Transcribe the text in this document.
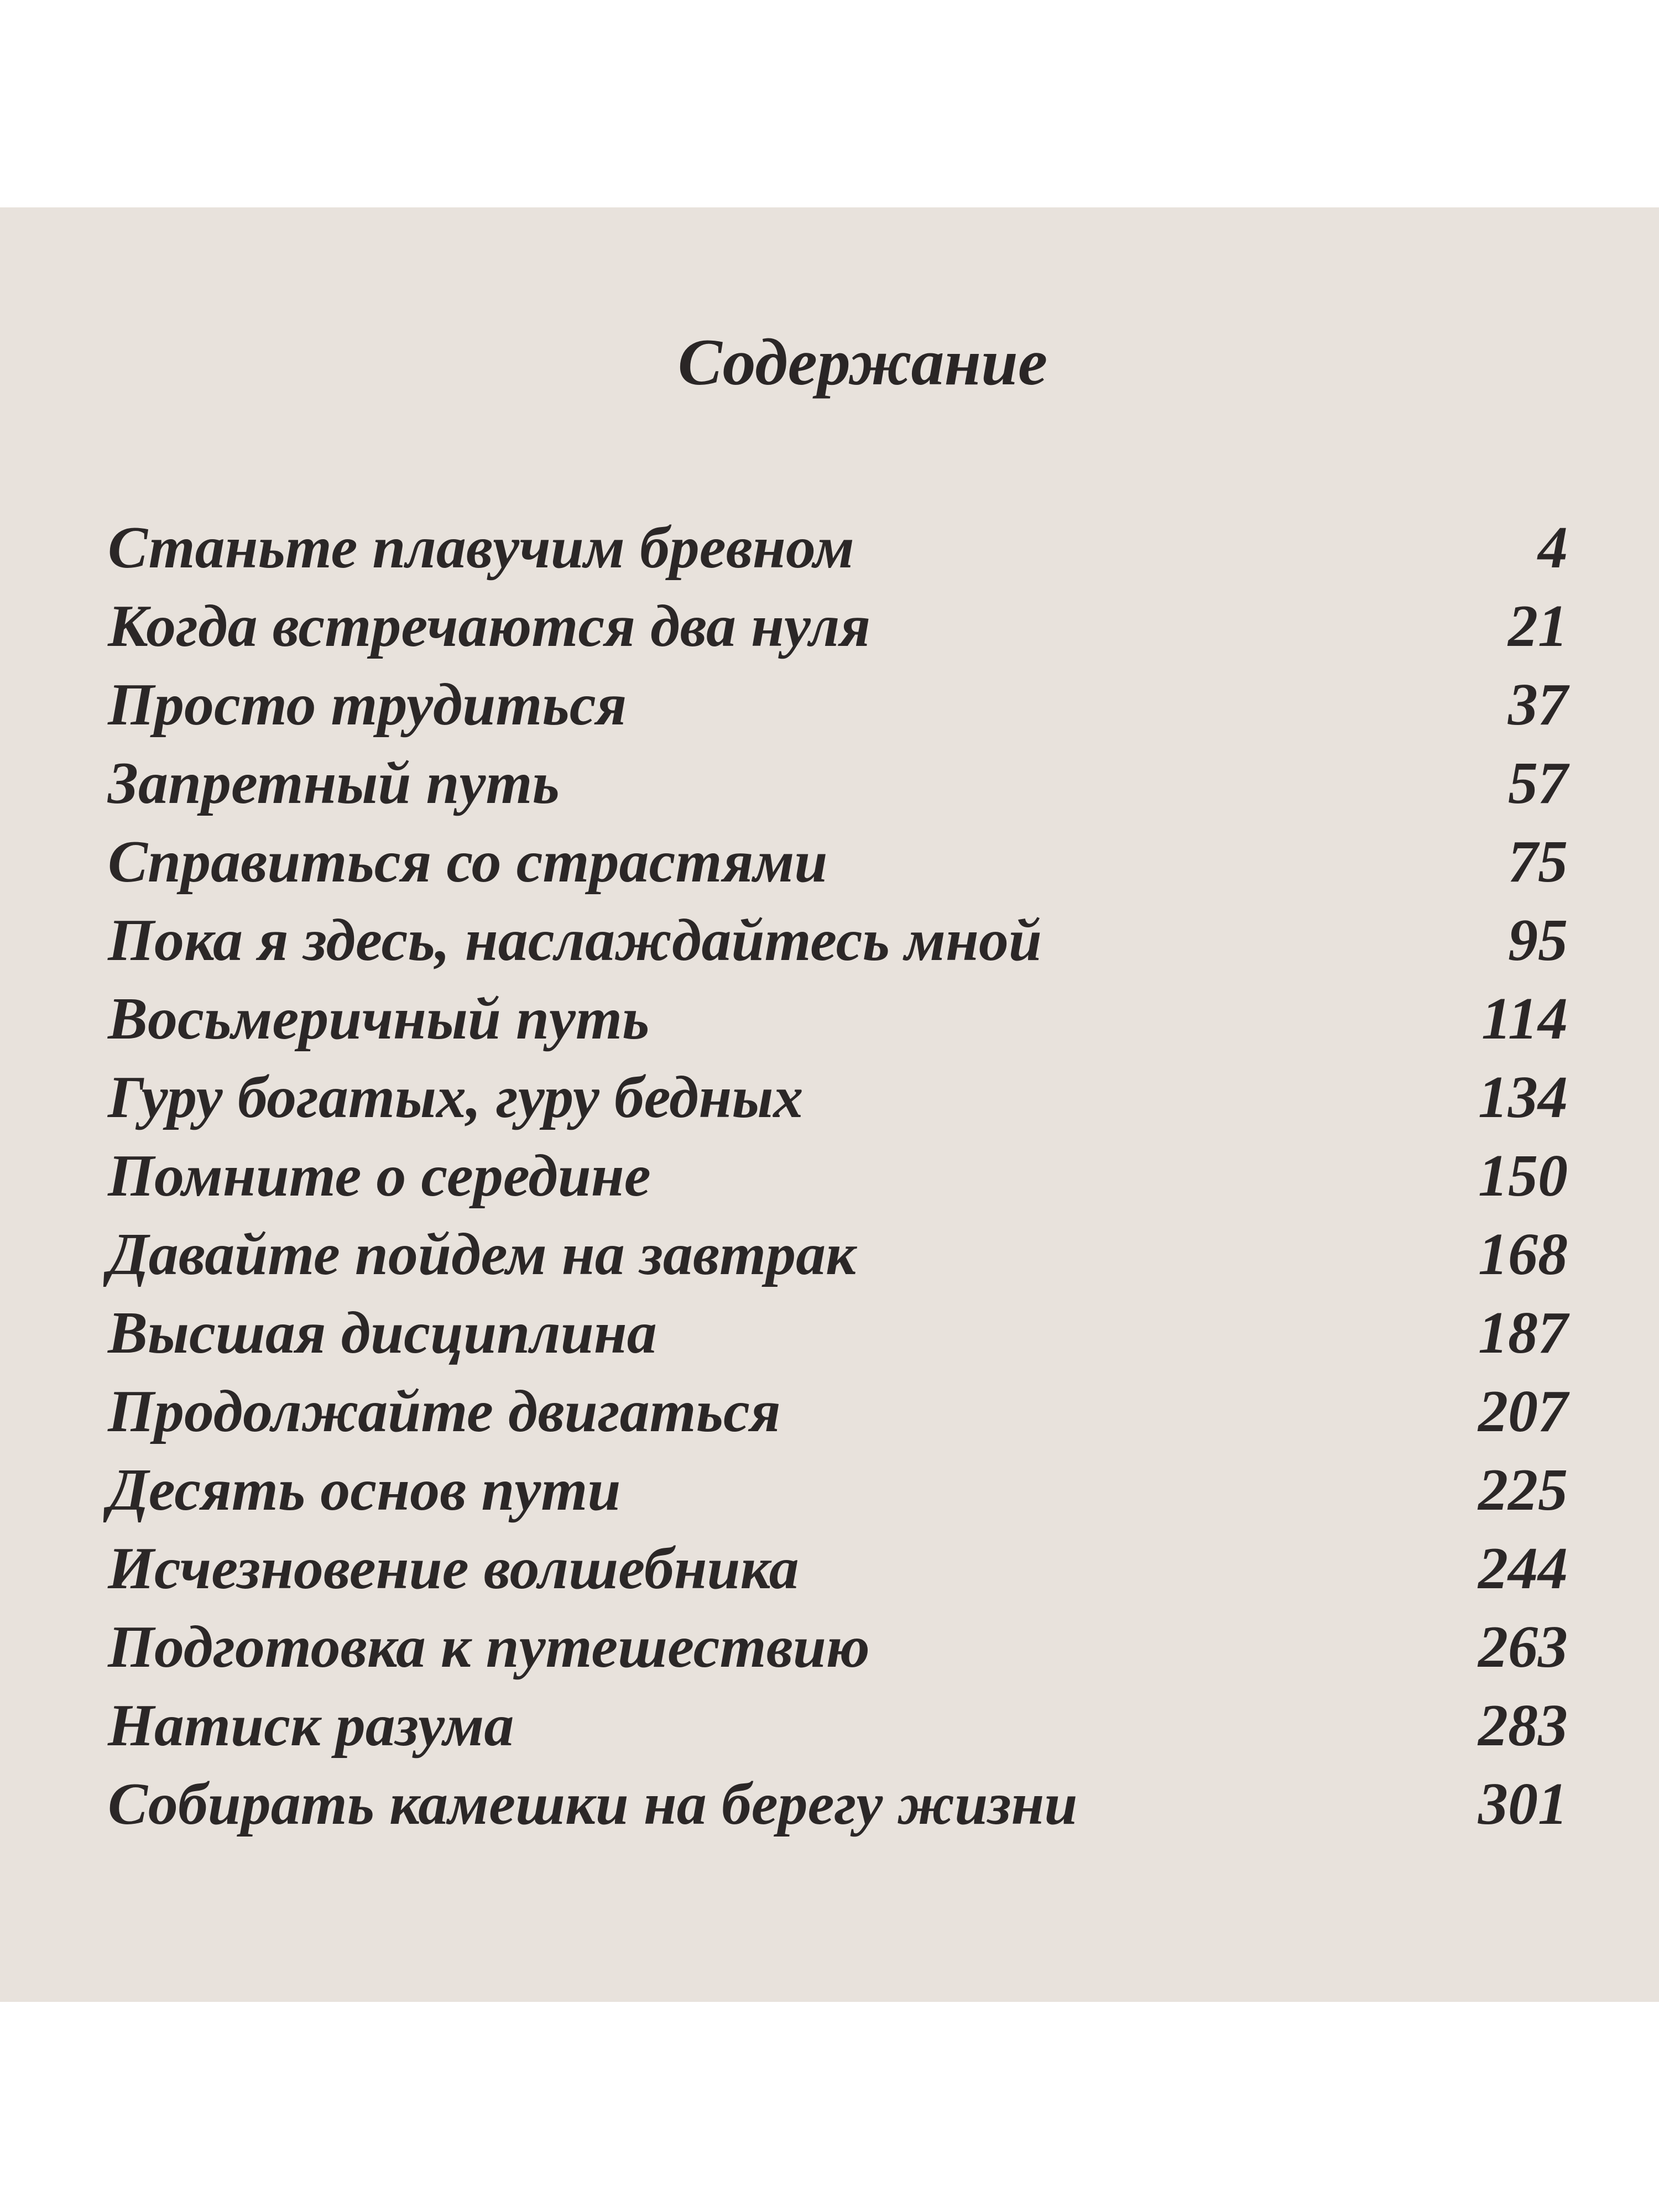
Содержание
Станьте плавучим бревном	4
Когда встречаются два нуля	21
Просто трудиться	37
Запретный путь	57
Справиться со страстями	75
Пока я здесь, наслаждайтесь мной	95
Восьмеричный путь	114
Гуру богатых, гуру бедных	134
Помните о середине	150
Давайте пойдем на завтрак	168
Высшая дисциплина	187
Продолжайте двигаться	207
Десять основ пути	225
Исчезновение волшебника	244
Подготовка к путешествию	263
Натиск разума	283
Собирать камешки на берегу жизни	301
